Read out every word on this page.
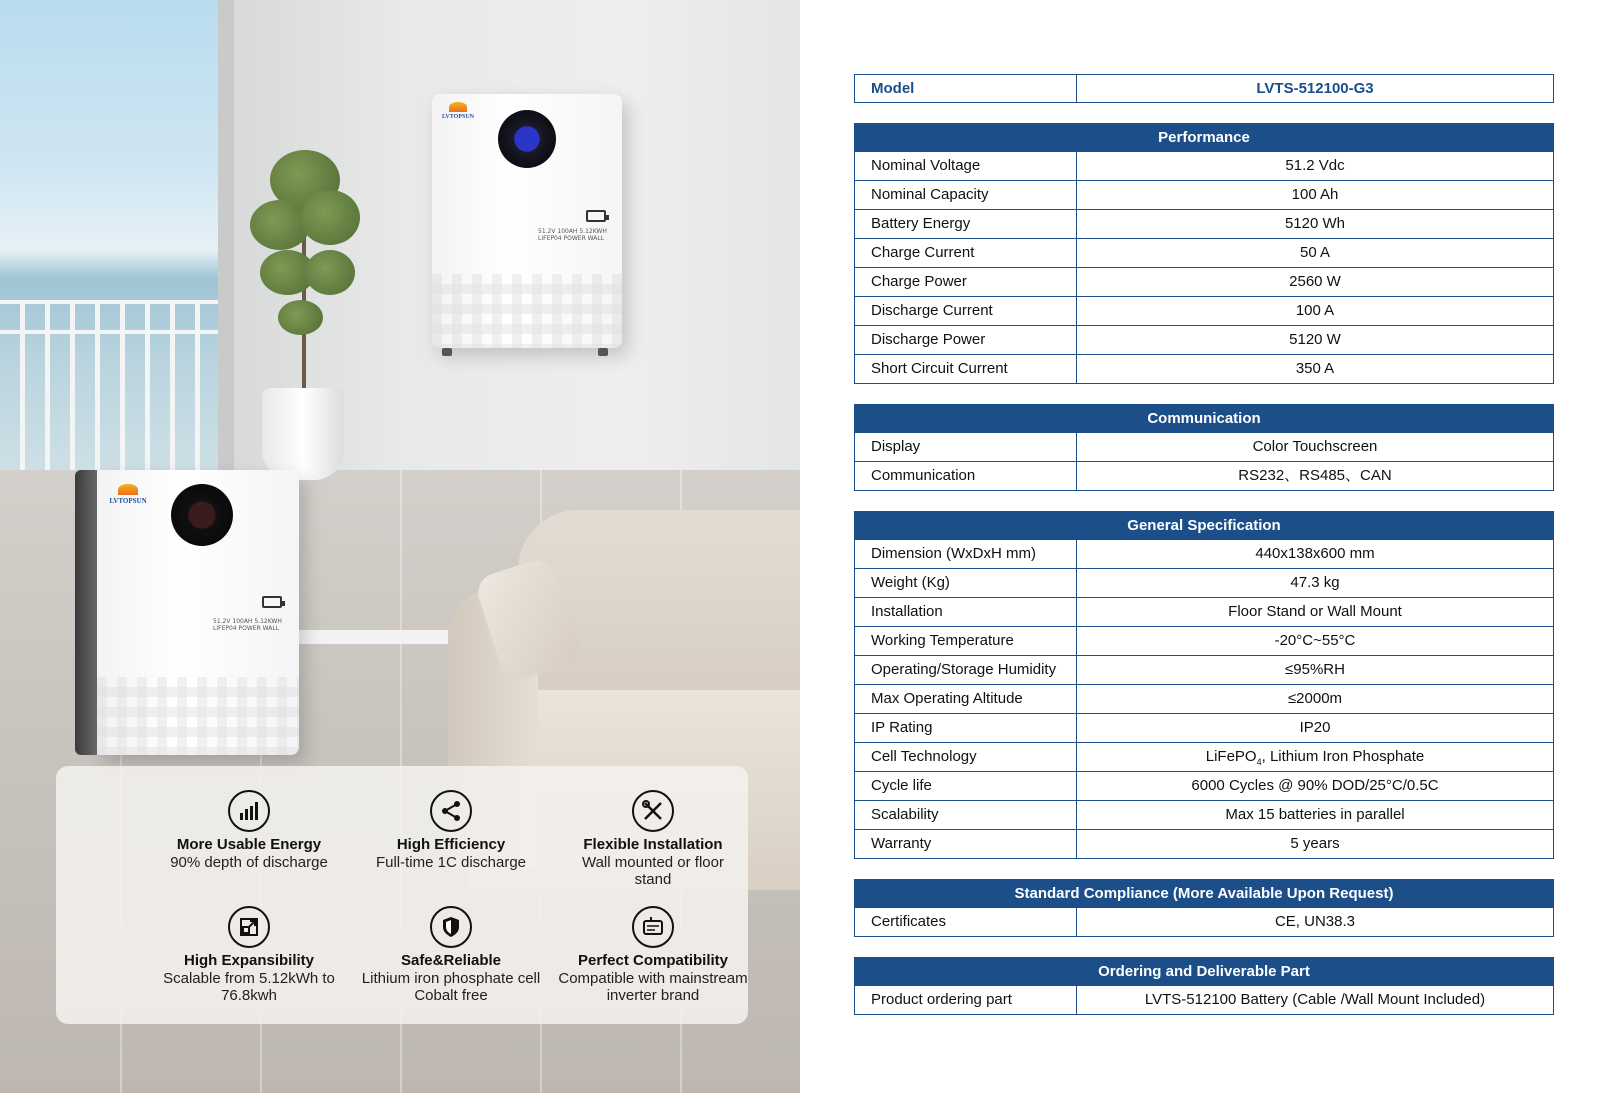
LVTOPSUN
51.2V 100AH 5.12KWH
LIFEP04 POWER WALL
LVTOPSUN
51.2V 100AH 5.12KWH
LIFEP04 POWER WALL
More Usable Energy
90% depth of discharge
High Efficiency
Full-time 1C discharge
Flexible Installation
Wall mounted or floor stand
High Expansibility
Scalable from 5.12kWh to 76.8kwh
Safe&Reliable
Lithium iron phosphate cell Cobalt free
Perfect Compatibility
Compatible with mainstream inverter brand
Model	LVTS-512100-G3
Performance
Nominal Voltage	51.2 Vdc
Nominal Capacity	100 Ah
Battery Energy	5120 Wh
Charge Current	50 A
Charge Power	2560 W
Discharge Current	100 A
Discharge Power	5120 W
Short Circuit Current	350 A
Communication
Display	Color Touchscreen
Communication	RS232、RS485、CAN
General Specification
Dimension (WxDxH mm)	440x138x600 mm
Weight (Kg)	47.3 kg
Installation	Floor Stand or Wall Mount
Working Temperature	-20°C~55°C
Operating/Storage Humidity	≤95%RH
Max Operating Altitude	≤2000m
IP Rating	IP20
Cell Technology	LiFePO$_4$, Lithium Iron Phosphate
Cycle life	6000 Cycles @ 90% DOD/25°C/0.5C
Scalability	Max 15 batteries in parallel
Warranty	5 years
Standard Compliance (More Available Upon Request)
Certificates	CE, UN38.3
Ordering and Deliverable Part
Product ordering part	LVTS-512100 Battery (Cable /Wall Mount Included)
